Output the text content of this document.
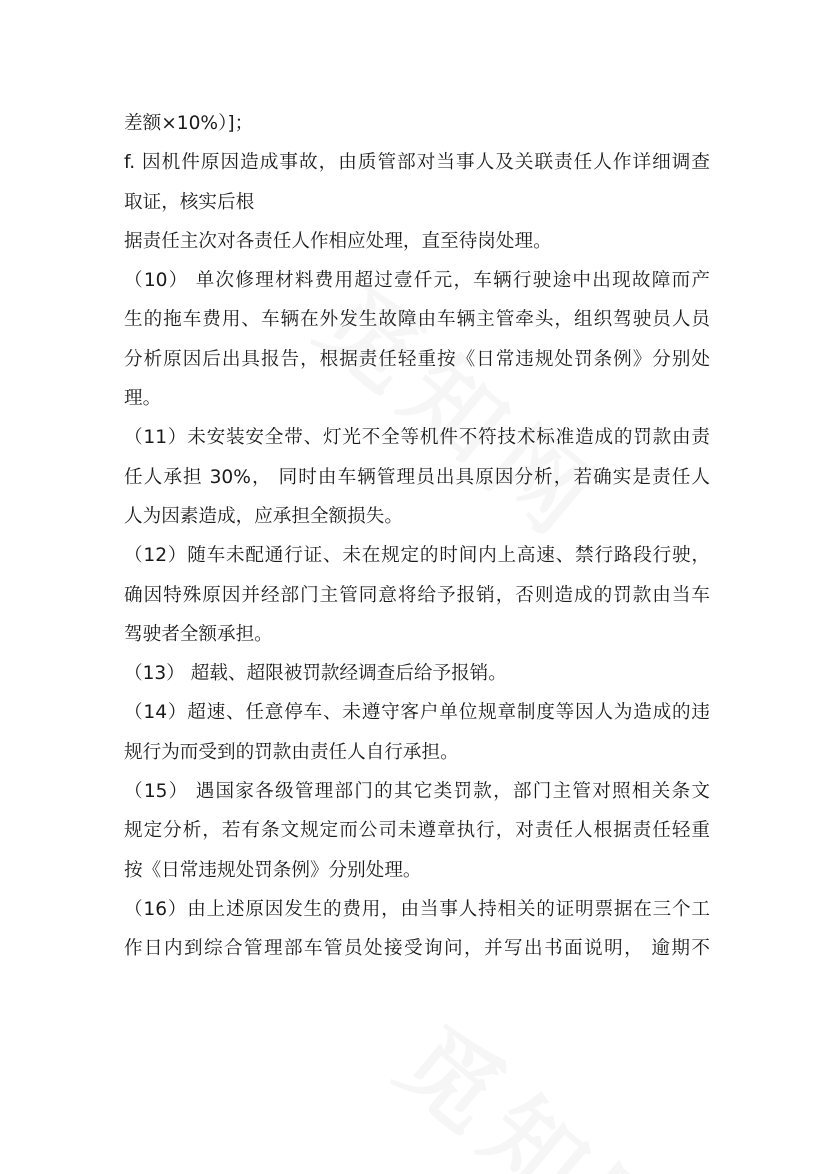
差额×10%）]；
f. 因机件原因造成事故，由质管部对当事人及关联责任人作详细调查
取证，核实后根
据责任主次对各责任人作相应处理，直至待岗处理。
（10） 单次修理材料费用超过壹仟元，车辆行驶途中出现故障而产
生的拖车费用、车辆在外发生故障由车辆主管牵头，组织驾驶员人员
分析原因后出具报告，根据责任轻重按《日常违规处罚条例》分别处
理。
（11）未安装安全带、灯光不全等机件不符技术标准造成的罚款由责
任人承担 30%， 同时由车辆管理员出具原因分析，若确实是责任人
人为因素造成，应承担全额损失。
（12）随车未配通行证、未在规定的时间内上高速、禁行路段行驶，
确因特殊原因并经部门主管同意将给予报销，否则造成的罚款由当车
驾驶者全额承担。
（13） 超载、超限被罚款经调查后给予报销。
（14）超速、任意停车、未遵守客户单位规章制度等因人为造成的违
规行为而受到的罚款由责任人自行承担。
（15） 遇国家各级管理部门的其它类罚款，部门主管对照相关条文
规定分析，若有条文规定而公司未遵章执行，对责任人根据责任轻重
按《日常违规处罚条例》分别处理。
（16）由上述原因发生的费用，由当事人持相关的证明票据在三个工
作日内到综合管理部车管员处接受询问，并写出书面说明， 逾期不
